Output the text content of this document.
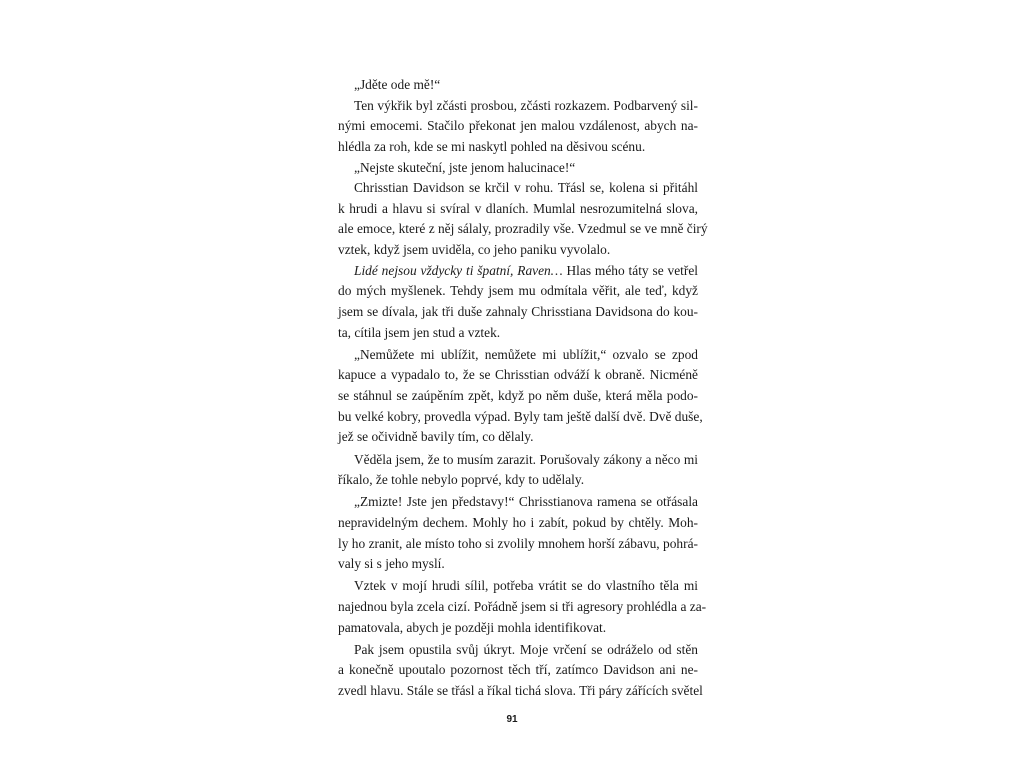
„Jděte ode mě!“
Ten výkřik byl zčásti prosbou, zčásti rozkazem. Podbarvený sil-
nými emocemi. Stačilo překonat jen malou vzdálenost, abych na-
hlédla za roh, kde se mi naskytl pohled na děsivou scénu.
„Nejste skuteční, jste jenom halucinace!“
Chrisstian Davidson se krčil v rohu. Třásl se, kolena si přitáhl
k hrudi a hlavu si svíral v dlaních. Mumlal nesrozumitelná slova,
ale emoce, které z něj sálaly, prozradily vše. Vzedmul se ve mně čirý
vztek, když jsem uviděla, co jeho paniku vyvolalo.
Lidé nejsou vždycky ti špatní, Raven… Hlas mého táty se vetřel
do mých myšlenek. Tehdy jsem mu odmítala věřit, ale teď, když
jsem se dívala, jak tři duše zahnaly Chrisstiana Davidsona do kou-
ta, cítila jsem jen stud a vztek.
„Nemůžete mi ublížit, nemůžete mi ublížit,“ ozvalo se zpod
kapuce a vypadalo to, že se Chrisstian odváží k obraně. Nicméně
se stáhnul se zaúpěním zpět, když po něm duše, která měla podo-
bu velké kobry, provedla výpad. Byly tam ještě další dvě. Dvě duše,
jež se očividně bavily tím, co dělaly.
Věděla jsem, že to musím zarazit. Porušovaly zákony a něco mi
říkalo, že tohle nebylo poprvé, kdy to udělaly.
„Zmizte! Jste jen představy!“ Chrisstianova ramena se otřásala
nepravidelným dechem. Mohly ho i zabít, pokud by chtěly. Moh-
ly ho zranit, ale místo toho si zvolily mnohem horší zábavu, pohrá-
valy si s jeho myslí.
Vztek v mojí hrudi sílil, potřeba vrátit se do vlastního těla mi
najednou byla zcela cizí. Pořádně jsem si tři agresory prohlédla a za-
pamatovala, abych je později mohla identifikovat.
Pak jsem opustila svůj úkryt. Moje vrčení se odráželo od stěn
a konečně upoutalo pozornost těch tří, zatímco Davidson ani ne-
zvedl hlavu. Stále se třásl a říkal tichá slova. Tři páry zářících světel
91
